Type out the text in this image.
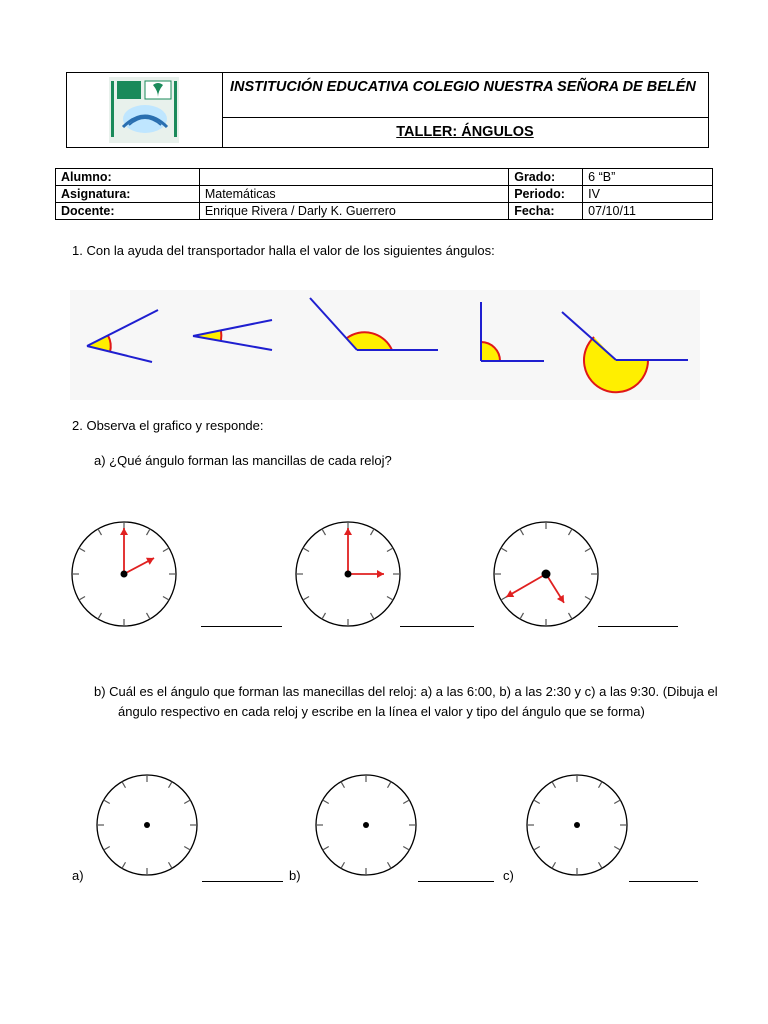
INSTITUCIÓN EDUCATIVA COLEGIO NUESTRA SEÑORA DE BELÉN
TALLER: ÁNGULOS
Alumno:		Grado:	6 “B”
Asignatura:	Matemáticas	Periodo:	IV
Docente:	Enrique Rivera / Darly K. Guerrero	Fecha:	07/10/11
1. Con la ayuda del transportador halla el valor de los siguientes ángulos:
2. Observa el grafico y responde:
a) ¿Qué ángulo forman las mancillas de cada reloj?
b) Cuál es el ángulo que forman las manecillas del reloj: a) a las 6:00, b) a las 2:30 y c) a las 9:30. (Dibuja el
ángulo respectivo en cada reloj y escribe en la línea el valor y tipo del ángulo que se forma)
a)	b)	c)
